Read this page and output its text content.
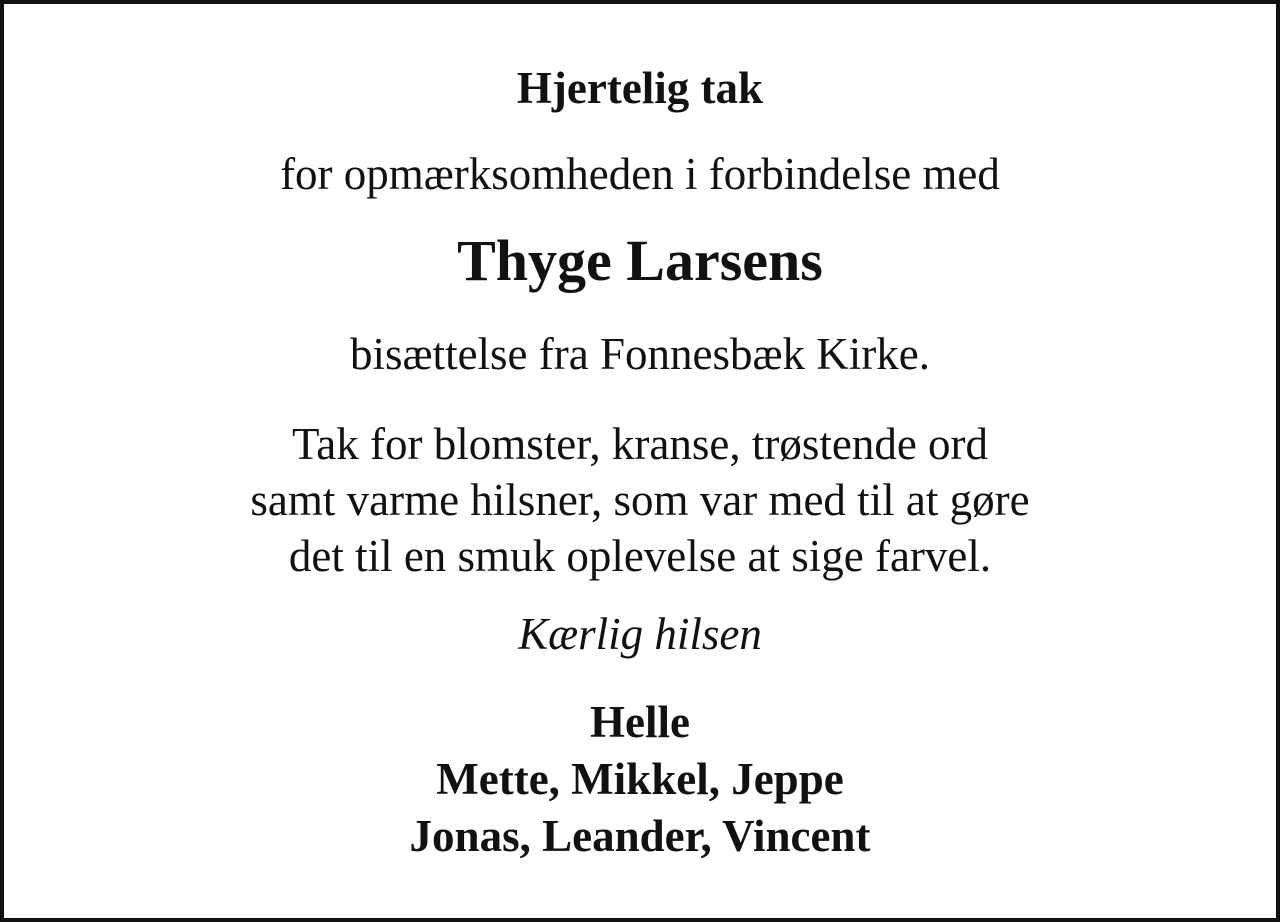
Hjertelig tak
for opmærksomheden i forbindelse med
Thyge Larsens
bisættelse fra Fonnesbæk Kirke.
Tak for blomster, kranse, trøstende ord
samt varme hilsner, som var med til at gøre
det til en smuk oplevelse at sige farvel.
Kærlig hilsen
Helle
Mette, Mikkel, Jeppe
Jonas, Leander, Vincent
